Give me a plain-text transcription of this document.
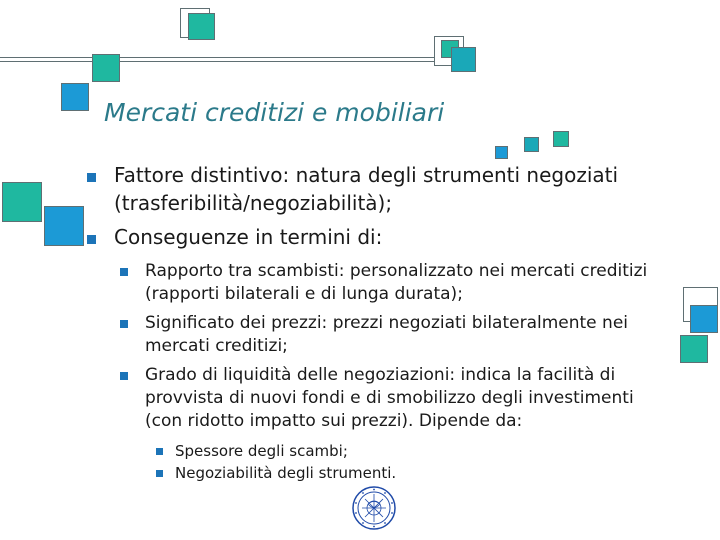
Mercati creditizi e mobiliari
Fattore distintivo: natura degli strumenti negoziati
(trasferibilità/negoziabilità);
Conseguenze in termini di:
Rapporto tra scambisti: personalizzato nei mercati creditizi
(rapporti bilaterali e di lunga durata);
Significato dei prezzi: prezzi negoziati bilateralmente nei
mercati creditizi;
Grado di liquidità delle negoziazioni: indica la facilità di
provvista di nuovi fondi e di smobilizzo degli investimenti
(con ridotto impatto sui prezzi). Dipende da:
Spessore degli scambi;
Negoziabilità degli strumenti.
